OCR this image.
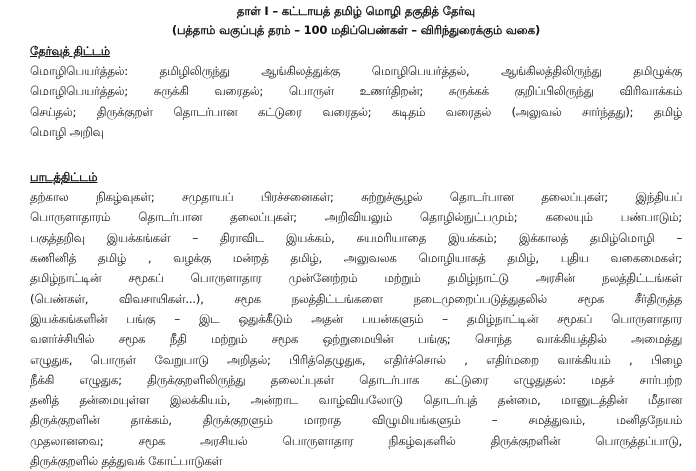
தாள் I – கட்டாயத் தமிழ் மொழி தகுதித் தேர்வு
(பத்தாம் வகுப்புத் தரம் – 100 மதிப்பெண்கள் – விரிந்துரைக்கும் வகை)
தேர்வுத் திட்டம்
மொழிபெயர்த்தல்: தமிழிலிருந்து ஆங்கிலத்துக்கு மொழிபெயர்த்தல், ஆங்கிலத்திலிருந்து தமிழுக்கு
மொழிபெயர்த்தல்; சுருக்கி வரைதல்; பொருள் உணர்திறன்; சுருக்கக் குறிப்பிலிருந்து விரிவாக்கம்
செய்தல்; திருக்குறள் தொடர்பான கட்டுரை வரைதல்; கடிதம் வரைதல் (அலுவல் சார்ந்தது); தமிழ்
மொழி அறிவு
பாடத்திட்டம்
தற்கால நிகழ்வுகள்; சமுதாயப் பிரச்சனைகள்; சுற்றுச்சூழல் தொடர்பான தலைப்புகள்; இந்தியப்
பொருளாதாரம் தொடர்பான தலைப்புகள்; அறிவியலும் தொழில்நுட்பமும்; கலையும் பண்பாடும்;
பகுத்தறிவு இயக்கங்கள் – திராவிட இயக்கம், சுயமரியாதை இயக்கம்; இக்காலத் தமிழ்மொழி –
கணினித் தமிழ் , வழக்கு மன்றத் தமிழ், அலுவலக மொழியாகத் தமிழ், புதிய வகைமைகள்;
தமிழ்நாட்டின் சமூகப் பொருளாதார முன்னேற்றம் மற்றும் தமிழ்நாட்டு அரசின் நலத்திட்டங்கள்
(பெண்கள், விவசாயிகள்...), சமூக நலத்திட்டங்களை நடைமுறைப்படுத்துதலில் சமூக சீர்திருத்த
இயக்கங்களின் பங்கு – இட ஒதுக்கீடும் அதன் பயன்களும் – தமிழ்நாட்டின் சமூகப் பொருளாதார
வளர்ச்சியில் சமூக நீதி மற்றும் சமூக ஒற்றுமையின் பங்கு; சொந்த வாக்கியத்தில் அமைத்து
எழுதுக, பொருள் வேறுபாடு அறிதல்; பிரித்தெழுதுக, எதிர்ச்சொல் , எதிர்மறை வாக்கியம் , பிழை
நீக்கி எழுதுக; திருக்குறளிலிருந்து தலைப்புகள் தொடர்பாக கட்டுரை எழுதுதல்: மதச் சார்பற்ற
தனித் தன்மையுள்ள இலக்கியம், அன்றாட வாழ்வியலோடு தொடர்புத் தன்மை, மானுடத்தின் மீதான
திருக்குறளின் தாக்கம், திருக்குறளும் மாறாத விழுமியங்களும் – சமத்துவம், மனிதநேயம்
முதலானவை; சமூக அரசியல் பொருளாதார நிகழ்வுகளில் திருக்குறளின் பொருத்தப்பாடு,
திருக்குறளில் தத்துவக் கோட்பாடுகள்
